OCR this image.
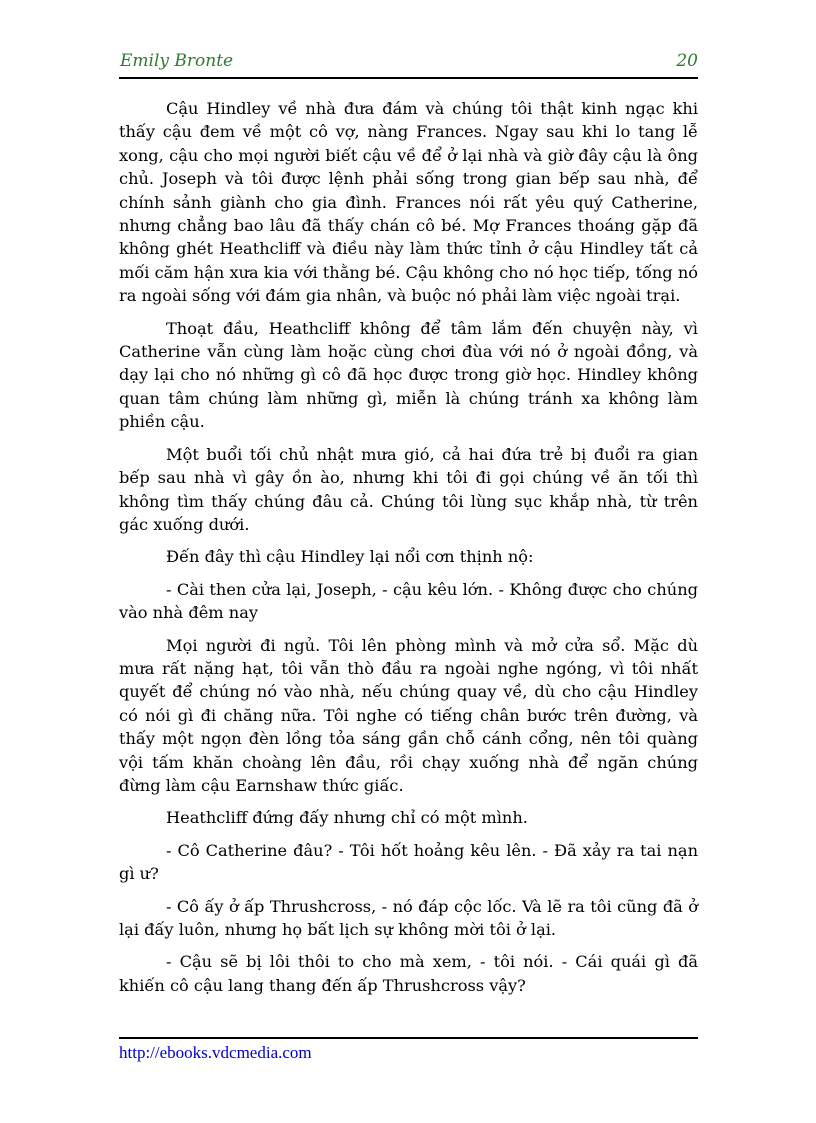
Emily Bronte	20

Cậu Hindley về nhà đưa đám và chúng tôi thật kinh ngạc khi thấy cậu đem về một cô vợ, nàng Frances. Ngay sau khi lo tang lễ xong, cậu cho mọi người biết cậu về để ở lại nhà và giờ đây cậu là ông chủ. Joseph và tôi được lệnh phải sống trong gian bếp sau nhà, để chính sảnh giành cho gia đình. Frances nói rất yêu quý Catherine, nhưng chẳng bao lâu đã thấy chán cô bé. Mợ Frances thoáng gặp đã không ghét Heathcliff và điều này làm thức tỉnh ở cậu Hindley tất cả mối căm hận xưa kia với thằng bé. Cậu không cho nó học tiếp, tống nó ra ngoài sống với đám gia nhân, và buộc nó phải làm việc ngoài trại.

Thoạt đầu, Heathcliff không để tâm lắm đến chuyện này, vì Catherine vẫn cùng làm hoặc cùng chơi đùa với nó ở ngoài đồng, và dạy lại cho nó những gì cô đã học được trong giờ học. Hindley không quan tâm chúng làm những gì, miễn là chúng tránh xa không làm phiền cậu.

Một buổi tối chủ nhật mưa gió, cả hai đứa trẻ bị đuổi ra gian bếp sau nhà vì gây ồn ào, nhưng khi tôi đi gọi chúng về ăn tối thì không tìm thấy chúng đâu cả. Chúng tôi lùng sục khắp nhà, từ trên gác xuống dưới.

Đến đây thì cậu Hindley lại nổi cơn thịnh nộ:

- Cài then cửa lại, Joseph, - cậu kêu lớn. - Không được cho chúng vào nhà đêm nay

Mọi người đi ngủ. Tôi lên phòng mình và mở cửa sổ. Mặc dù mưa rất nặng hạt, tôi vẫn thò đầu ra ngoài nghe ngóng, vì tôi nhất quyết để chúng nó vào nhà, nếu chúng quay về, dù cho cậu Hindley có nói gì đi chăng nữa. Tôi nghe có tiếng chân bước trên đường, và thấy một ngọn đèn lồng tỏa sáng gần chỗ cánh cổng, nên tôi quàng vội tấm khăn choàng lên đầu, rồi chạy xuống nhà để ngăn chúng đừng làm cậu Earnshaw thức giấc.

Heathcliff đứng đấy nhưng chỉ có một mình.

- Cô Catherine đâu? - Tôi hốt hoảng kêu lên. - Đã xảy ra tai nạn gì ư?

- Cô ấy ở ấp Thrushcross, - nó đáp cộc lốc. Và lẽ ra tôi cũng đã ở lại đấy luôn, nhưng họ bất lịch sự không mời tôi ở lại.

- Cậu sẽ bị lôi thôi to cho mà xem, - tôi nói. - Cái quái gì đã khiến cô cậu lang thang đến ấp Thrushcross vậy?

http://ebooks.vdcmedia.com
